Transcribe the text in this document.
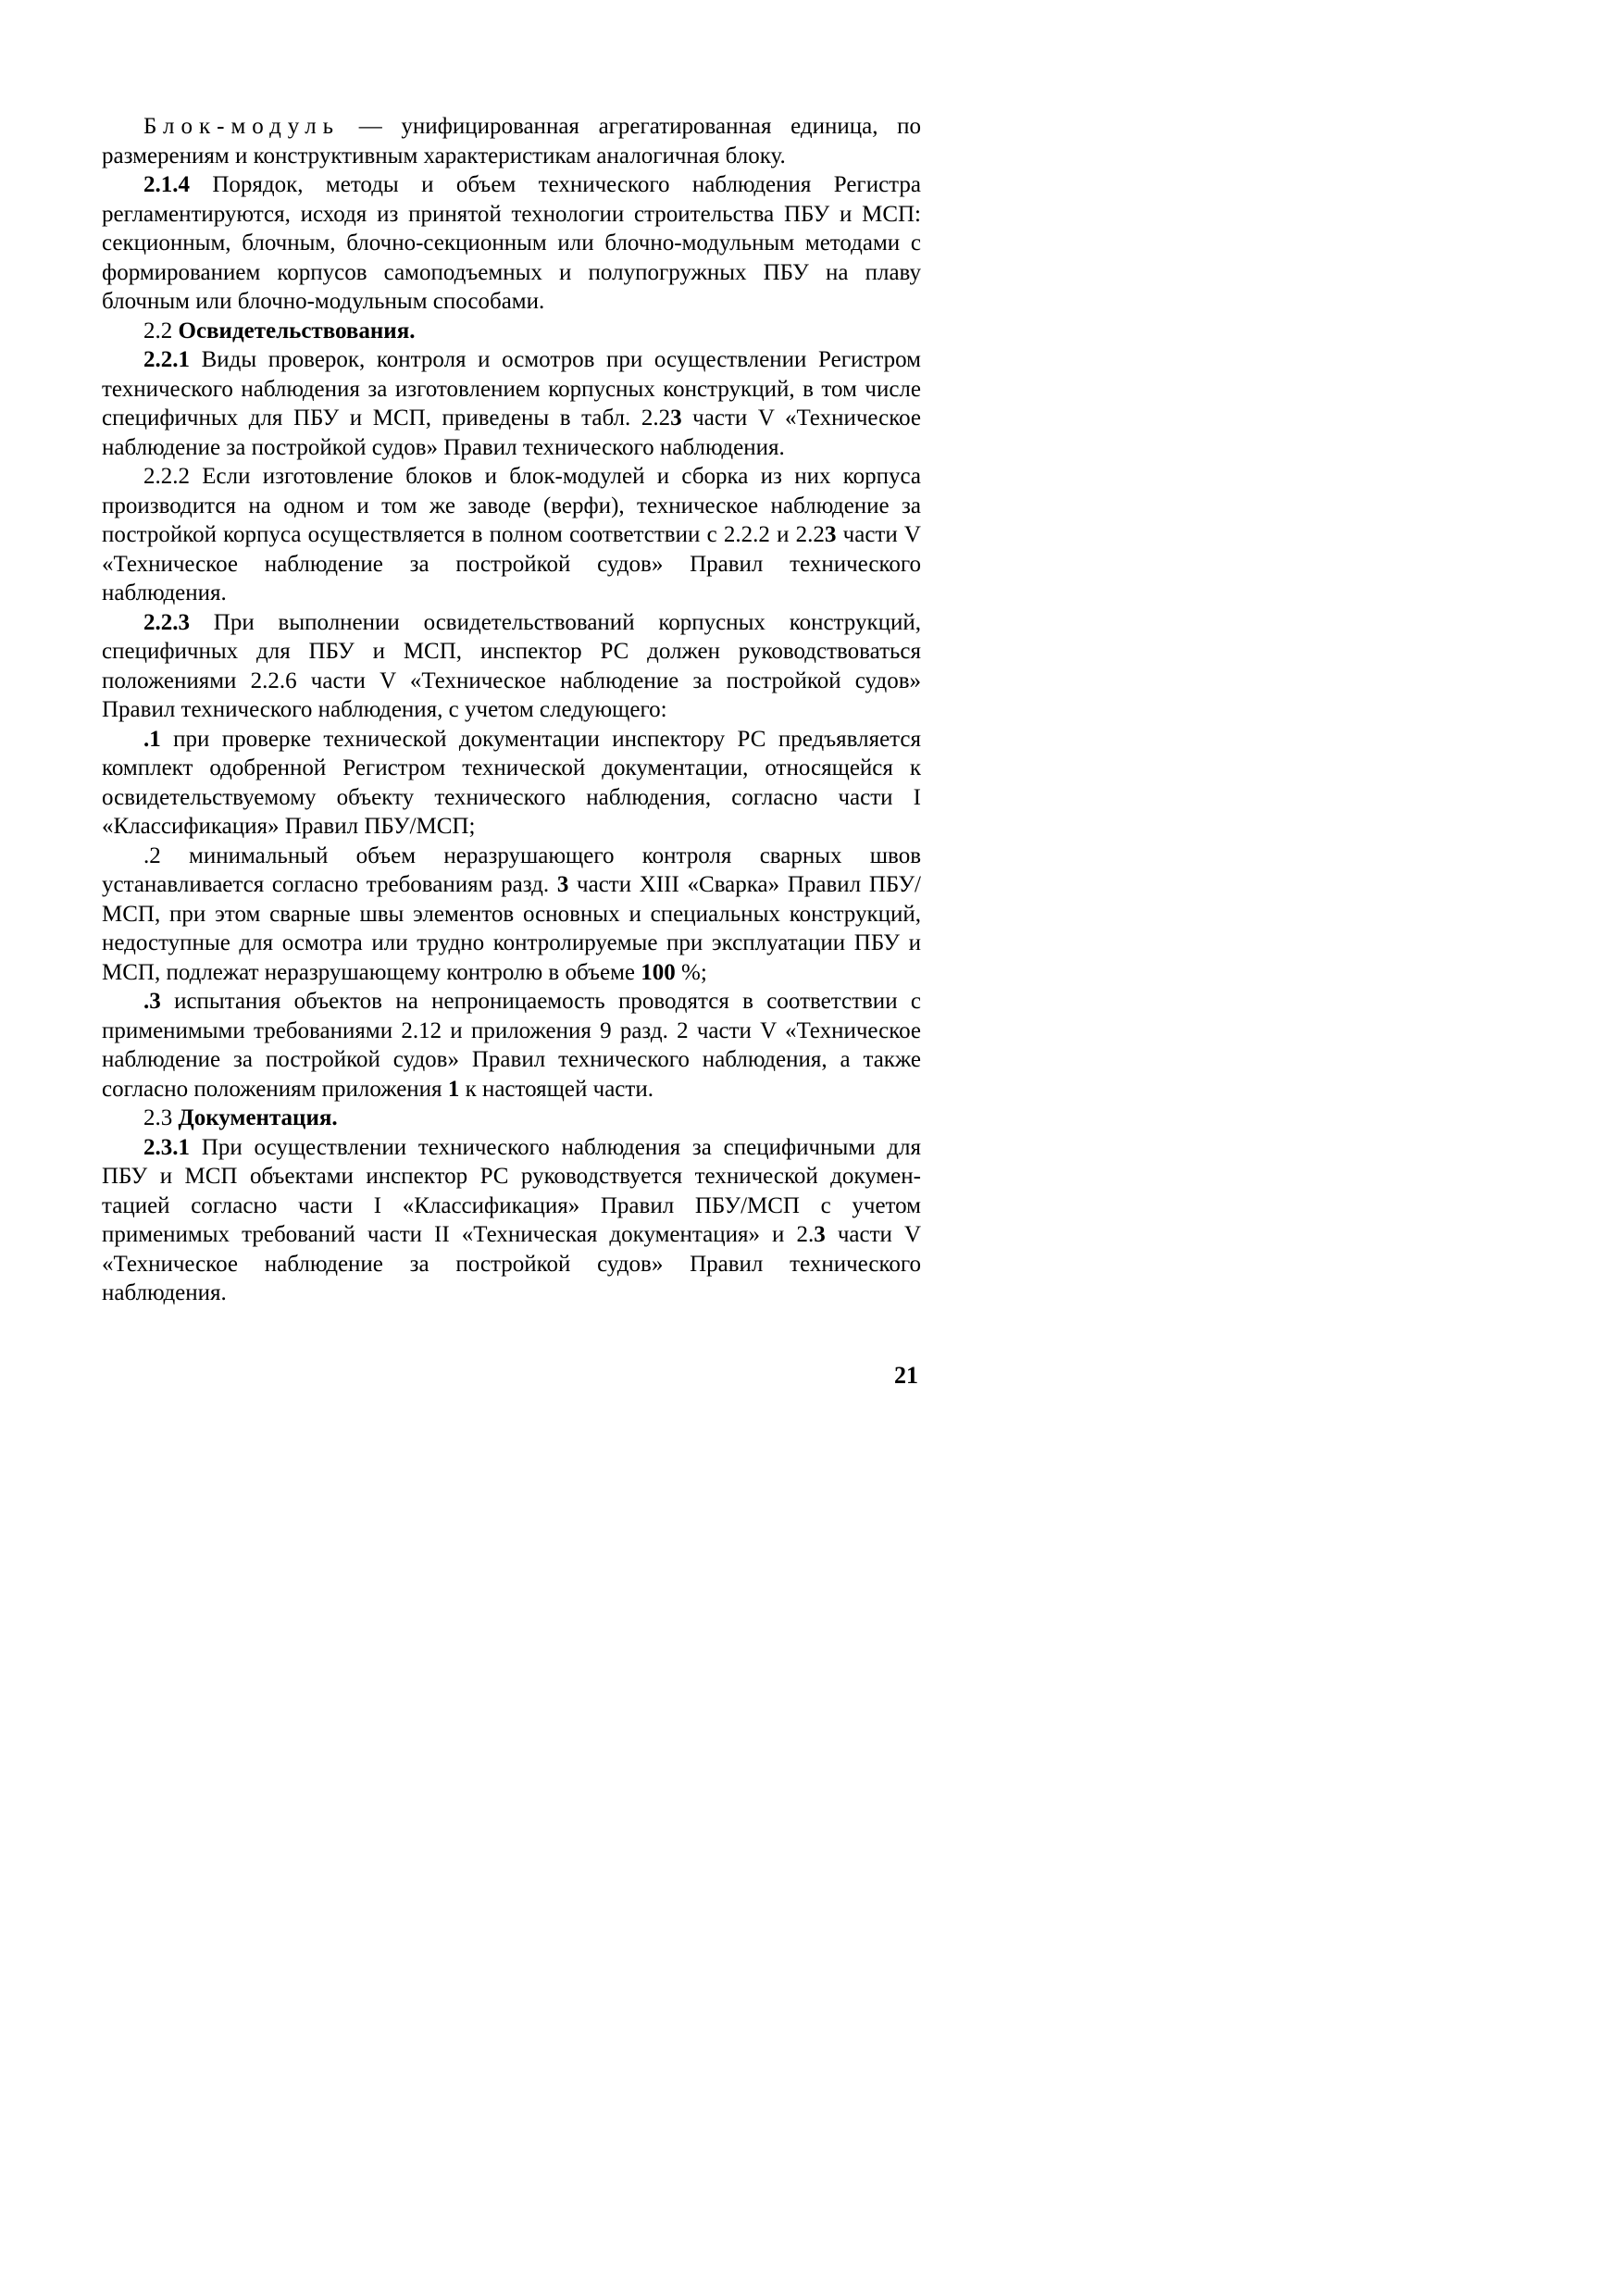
Блок-модуль — унифицированная агрегатированная единица, по размерениям и конструктивным характеристикам аналогичная блоку.

2.1.4 Порядок, методы и объем технического наблюдения Регистра регламентируются, исходя из принятой технологии строительства ПБУ и МСП: секционным, блочным, блочно-секционным или блочно-модульным методами с формированием корпусов самоподъемных и полупогружных ПБУ на плаву блочным или блочно-модульным способами.

2.2 Освидетельствования.

2.2.1 Виды проверок, контроля и осмотров при осуществлении Регистром технического наблюдения за изготовлением корпусных конструкций, в том числе специфичных для ПБУ и МСП, приведены в табл. 2.23 части V «Техническое наблюдение за постройкой судов» Правил технического наблюдения.

2.2.2 Если изготовление блоков и блок-модулей и сборка из них корпуса производится на одном и том же заводе (верфи), техническое наблюдение за постройкой корпуса осуществляется в полном соответствии с 2.2.2 и 2.23 части V «Техническое наблюдение за постройкой судов» Правил технического наблюдения.

2.2.3 При выполнении освидетельствований корпусных конструкций, специфичных для ПБУ и МСП, инспектор РС должен руководствоваться положениями 2.2.6 части V «Техническое наблюдение за постройкой судов» Правил технического наблюдения, с учетом следующего:

.1 при проверке технической документации инспектору РС предъявляется комплект одобренной Регистром технической документации, относящейся к освидетельствуемому объекту технического наблюдения, согласно части I «Классификация» Правил ПБУ/МСП;

.2 минимальный объем неразрушающего контроля сварных швов устанавливается согласно требованиям разд. 3 части XIII «Сварка» Правил ПБУ/МСП, при этом сварные швы элементов основных и специальных конструкций, недоступные для осмотра или трудно контролируемые при эксплуатации ПБУ и МСП, подлежат неразрушающему контролю в объеме 100 %;

.3 испытания объектов на непроницаемость проводятся в соответствии с применимыми требованиями 2.12 и приложения 9 разд. 2 части V «Техническое наблюдение за постройкой судов» Правил технического наблюдения, а также согласно положениям приложения 1 к настоящей части.

2.3 Документация.

2.3.1 При осуществлении технического наблюдения за специфичными для ПБУ и МСП объектами инспектор РС руководствуется технической документацией согласно части I «Классификация» Правил ПБУ/МСП с учетом применимых требований части II «Техническая документация» и 2.3 части V «Техническое наблюдение за постройкой судов» Правил технического наблюдения.

21
